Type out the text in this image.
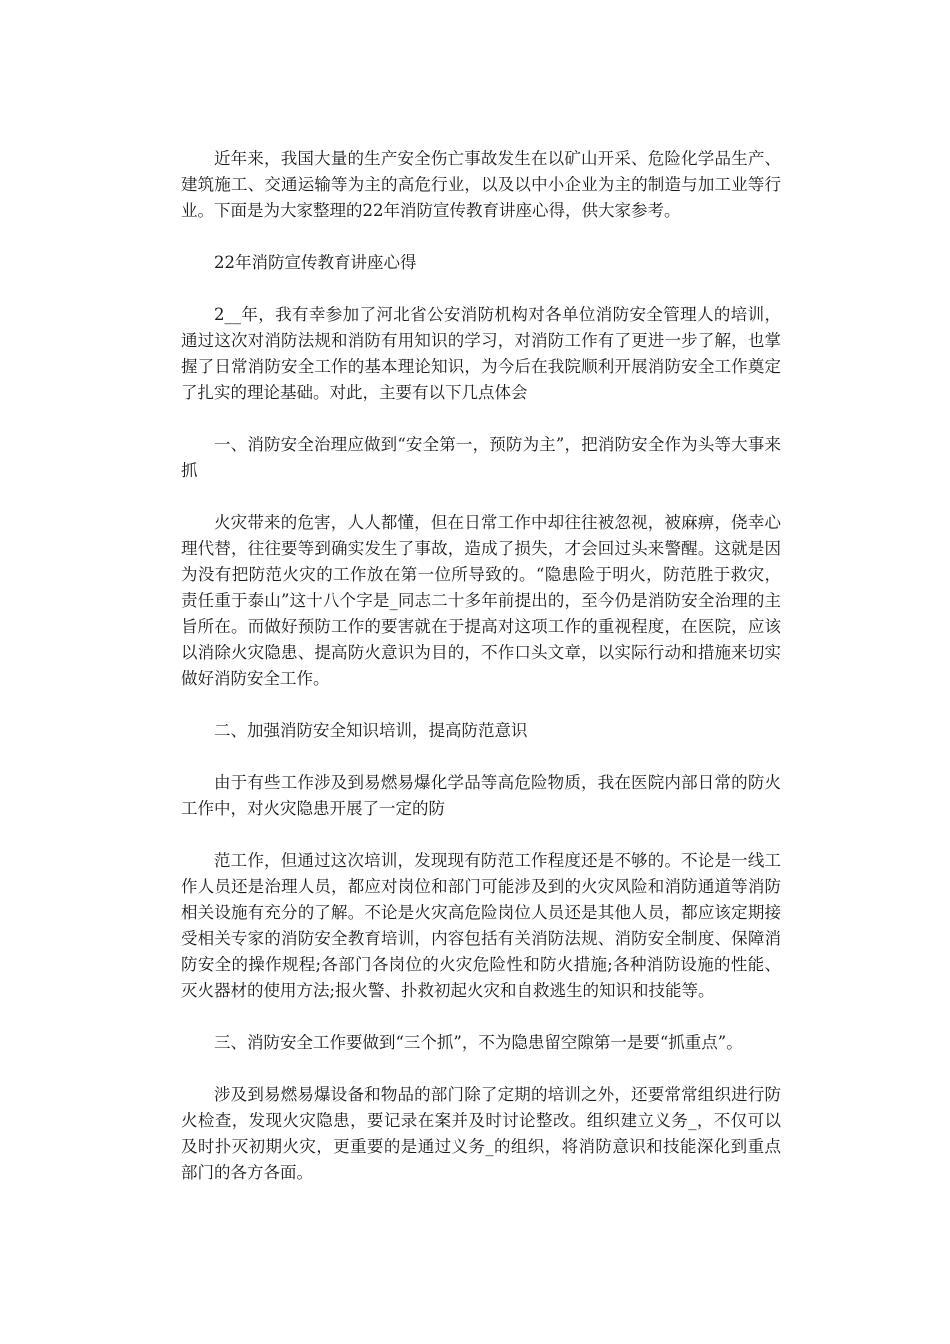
近年来，我国大量的生产安全伤亡事故发生在以矿山开采、危险化学品生产、建筑施工、交通运输等为主的高危行业，以及以中小企业为主的制造与加工业等行业。下面是为大家整理的22年消防宣传教育讲座心得，供大家参考。

22年消防宣传教育讲座心得

2__年，我有幸参加了河北省公安消防机构对各单位消防安全管理人的培训，通过这次对消防法规和消防有用知识的学习，对消防工作有了更进一步了解，也掌握了日常消防安全工作的基本理论知识，为今后在我院顺利开展消防安全工作奠定了扎实的理论基础。对此，主要有以下几点体会

一、消防安全治理应做到“安全第一，预防为主”，把消防安全作为头等大事来抓

火灾带来的危害，人人都懂，但在日常工作中却往往被忽视，被麻痹，侥幸心理代替，往往要等到确实发生了事故，造成了损失，才会回过头来警醒。这就是因为没有把防范火灾的工作放在第一位所导致的。“隐患险于明火，防范胜于救灾，责任重于泰山”这十八个字是_同志二十多年前提出的，至今仍是消防安全治理的主旨所在。而做好预防工作的要害就在于提高对这项工作的重视程度，在医院，应该以消除火灾隐患、提高防火意识为目的，不作口头文章，以实际行动和措施来切实做好消防安全工作。

二、加强消防安全知识培训，提高防范意识

由于有些工作涉及到易燃易爆化学品等高危险物质，我在医院内部日常的防火工作中，对火灾隐患开展了一定的防

范工作，但通过这次培训，发现现有防范工作程度还是不够的。不论是一线工作人员还是治理人员，都应对岗位和部门可能涉及到的火灾风险和消防通道等消防相关设施有充分的了解。不论是火灾高危险岗位人员还是其他人员，都应该定期接受相关专家的消防安全教育培训，内容包括有关消防法规、消防安全制度、保障消防安全的操作规程;各部门各岗位的火灾危险性和防火措施;各种消防设施的性能、灭火器材的使用方法;报火警、扑救初起火灾和自救逃生的知识和技能等。

三、消防安全工作要做到“三个抓”，不为隐患留空隙第一是要“抓重点”。

涉及到易燃易爆设备和物品的部门除了定期的培训之外，还要常常组织进行防火检查，发现火灾隐患，要记录在案并及时讨论整改。组织建立义务_，不仅可以及时扑灭初期火灾，更重要的是通过义务_的组织，将消防意识和技能深化到重点部门的各方各面。
